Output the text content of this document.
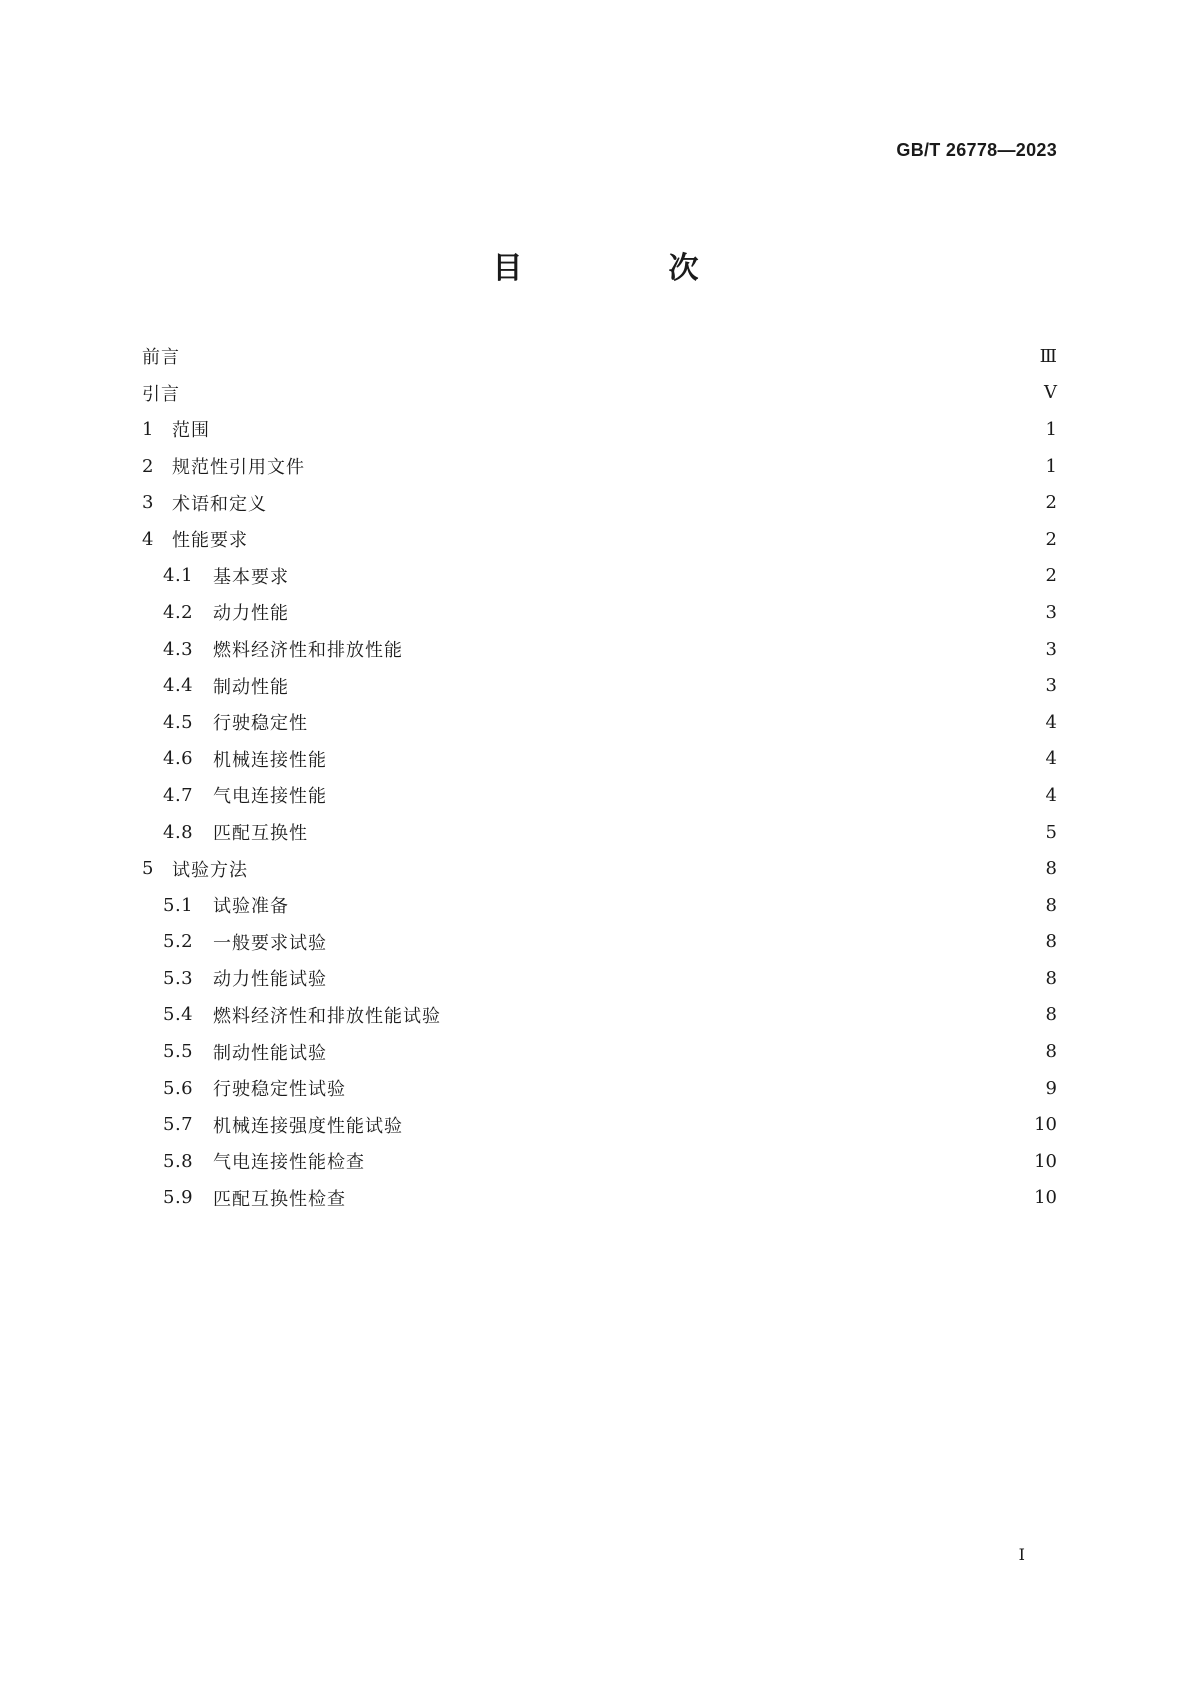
GB/T 26778—2023
目　次
前言	Ⅲ
引言	Ⅴ
1	范围	1
2	规范性引用文件	1
3	术语和定义	2
4	性能要求	2
4.1	基本要求	2
4.2	动力性能	3
4.3	燃料经济性和排放性能	3
4.4	制动性能	3
4.5	行驶稳定性	4
4.6	机械连接性能	4
4.7	气电连接性能	4
4.8	匹配互换性	5
5	试验方法	8
5.1	试验准备	8
5.2	一般要求试验	8
5.3	动力性能试验	8
5.4	燃料经济性和排放性能试验	8
5.5	制动性能试验	8
5.6	行驶稳定性试验	9
5.7	机械连接强度性能试验	10
5.8	气电连接性能检查	10
5.9	匹配互换性检查	10
I
